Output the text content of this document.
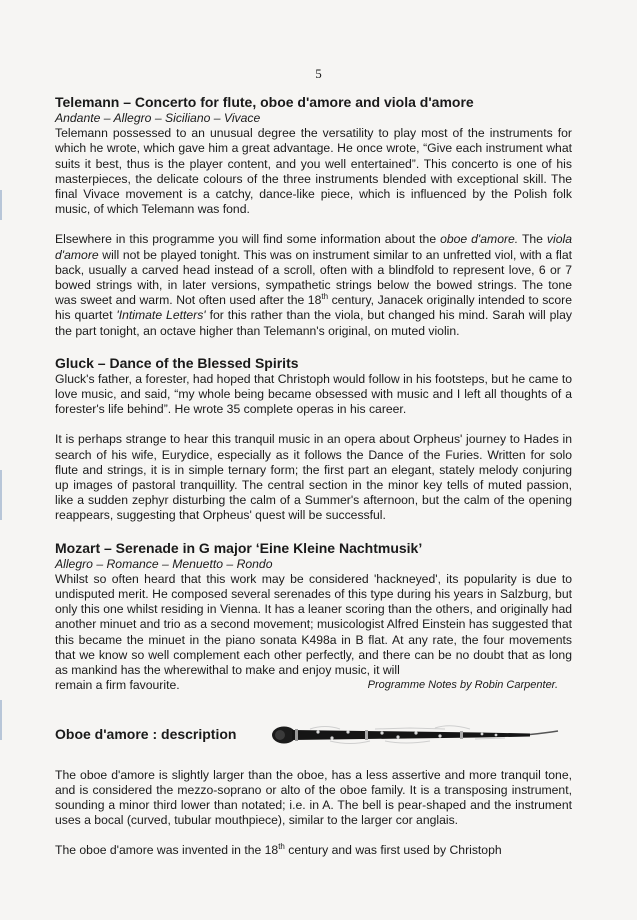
5
Telemann – Concerto for flute, oboe d'amore and viola d'amore

Andante – Allegro – Siciliano – Vivace

Telemann possessed to an unusual degree the versatility to play most of the instruments for which he wrote, which gave him a great advantage. He once wrote, “Give each instrument what suits it best, thus is the player content, and you well entertained”. This concerto is one of his masterpieces, the delicate colours of the three instruments blended with exceptional skill. The final Vivace movement is a catchy, dance-like piece, which is influenced by the Polish folk music, of which Telemann was fond.

Elsewhere in this programme you will find some information about the oboe d'amore. The viola d'amore will not be played tonight. This was on instrument similar to an unfretted viol, with a flat back, usually a carved head instead of a scroll, often with a blindfold to represent love, 6 or 7 bowed strings with, in later versions, sympathetic strings below the bowed strings. The tone was sweet and warm. Not often used after the 18th century, Janacek originally intended to score his quartet 'Intimate Letters' for this rather than the viola, but changed his mind. Sarah will play the part tonight, an octave higher than Telemann's original, on muted violin.

Gluck – Dance of the Blessed Spirits

Gluck's father, a forester, had hoped that Christoph would follow in his footsteps, but he came to love music, and said, “my whole being became obsessed with music and I left all thoughts of a forester's life behind”. He wrote 35 complete operas in his career.

It is perhaps strange to hear this tranquil music in an opera about Orpheus' journey to Hades in search of his wife, Eurydice, especially as it follows the Dance of the Furies. Written for solo flute and strings, it is in simple ternary form; the first part an elegant, stately melody conjuring up images of pastoral tranquillity. The central section in the minor key tells of muted passion, like a sudden zephyr disturbing the calm of a Summer's afternoon, but the calm of the opening reappears, suggesting that Orpheus' quest will be successful.

Mozart – Serenade in G major ‘Eine Kleine Nachtmusik’

Allegro – Romance – Menuetto – Rondo

Whilst so often heard that this work may be considered 'hackneyed', its popularity is due to undisputed merit. He composed several serenades of this type during his years in Salzburg, but only this one whilst residing in Vienna. It has a leaner scoring than the others, and originally had another minuet and trio as a second movement; musicologist Alfred Einstein has suggested that this became the minuet in the piano sonata K498a in B flat. At any rate, the four movements that we know so well complement each other perfectly, and there can be no doubt that as long as mankind has the wherewithal to make and enjoy music, it will

remain a firm favourite.	Programme Notes by Robin Carpenter.
Oboe d'amore : description

The oboe d'amore is slightly larger than the oboe, has a less assertive and more tranquil tone, and is considered the mezzo-soprano or alto of the oboe family. It is a transposing instrument, sounding a minor third lower than notated; i.e. in A. The bell is pear-shaped and the instrument uses a bocal (curved, tubular mouthpiece), similar to the larger cor anglais.

The oboe d'amore was invented in the 18th century and was first used by Christoph
